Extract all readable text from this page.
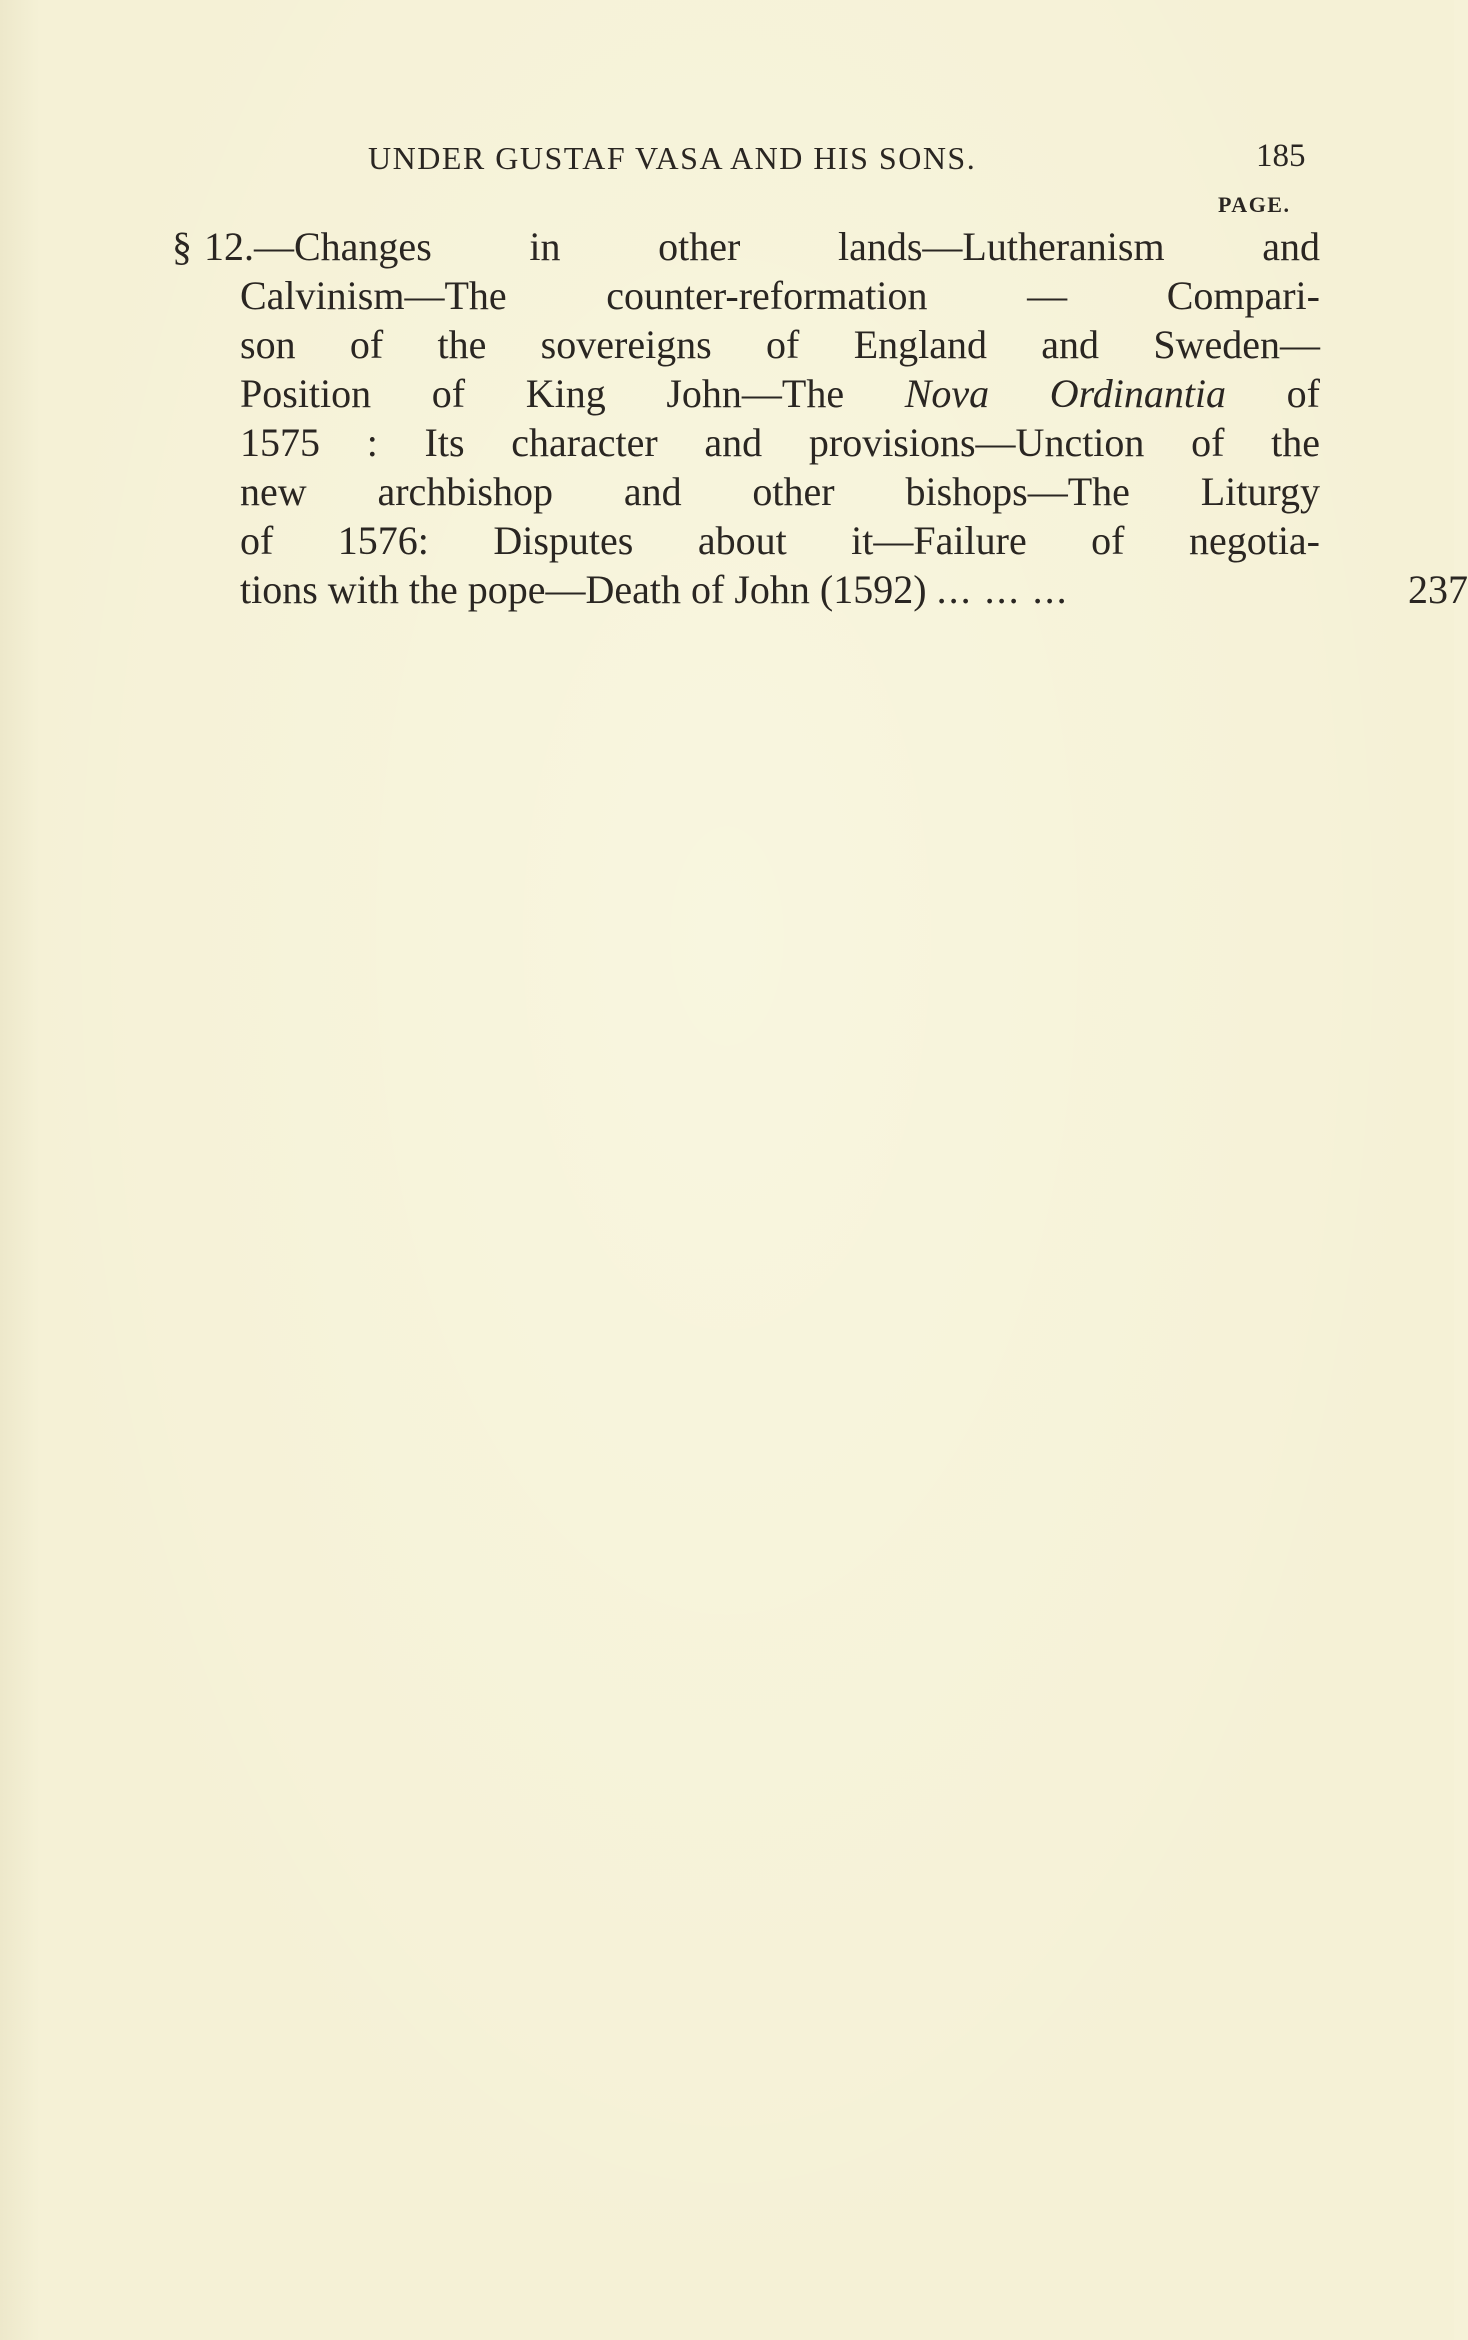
UNDER GUSTAF VASA AND HIS SONS.	185
PAGE.
§ 12.—Changes in other lands—Lutheranism and
Calvinism—The counter-reformation — Compari-
son of the sovereigns of England and Sweden—
Position of King John—The Nova Ordinantia of
1575 : Its character and provisions—Unction of the
new archbishop and other bishops—The Liturgy
of 1576: Disputes about it—Failure of negotia-
tions with the pope—Death of John (1592) ... ... ...	237
